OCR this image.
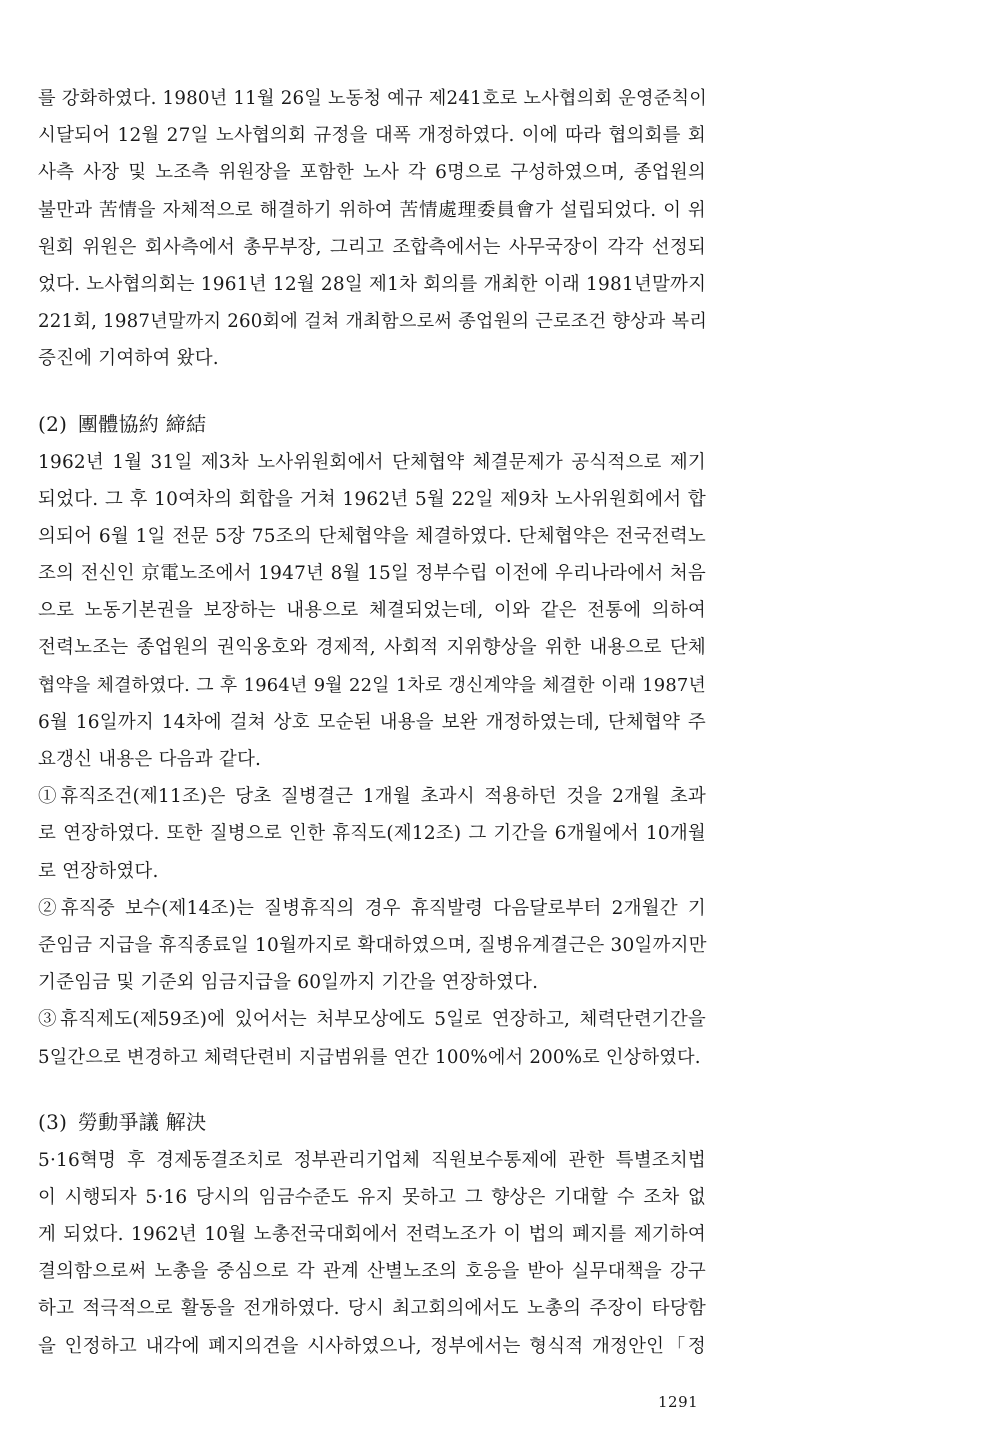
를 강화하였다. 1980년 11월 26일 노동청 예규 제241호로 노사협의회 운영준칙이
시달되어 12월 27일 노사협의회 규정을 대폭 개정하였다. 이에 따라 협의회를 회
사측 사장 및 노조측 위원장을 포함한 노사 각 6명으로 구성하였으며, 종업원의
불만과 苦情을 자체적으로 해결하기 위하여 苦情處理委員會가 설립되었다. 이 위
원회 위원은 회사측에서 총무부장, 그리고 조합측에서는 사무국장이 각각 선정되
었다. 노사협의회는 1961년 12월 28일 제1차 회의를 개최한 이래 1981년말까지
221회, 1987년말까지 260회에 걸쳐 개최함으로써 종업원의 근로조건 향상과 복리
증진에 기여하여 왔다.
(2) 團體協約 締結
1962년 1월 31일 제3차 노사위원회에서 단체협약 체결문제가 공식적으로 제기
되었다. 그 후 10여차의 회합을 거쳐 1962년 5월 22일 제9차 노사위원회에서 합
의되어 6월 1일 전문 5장 75조의 단체협약을 체결하였다. 단체협약은 전국전력노
조의 전신인 京電노조에서 1947년 8월 15일 정부수립 이전에 우리나라에서 처음
으로 노동기본권을 보장하는 내용으로 체결되었는데, 이와 같은 전통에 의하여
전력노조는 종업원의 권익옹호와 경제적, 사회적 지위향상을 위한 내용으로 단체
협약을 체결하였다. 그 후 1964년 9월 22일 1차로 갱신계약을 체결한 이래 1987년
6월 16일까지 14차에 걸쳐 상호 모순된 내용을 보완 개정하였는데, 단체협약 주
요갱신 내용은 다음과 같다.
①휴직조건(제11조)은 당초 질병결근 1개월 초과시 적용하던 것을 2개월 초과
로 연장하였다. 또한 질병으로 인한 휴직도(제12조) 그 기간을 6개월에서 10개월
로 연장하였다.
②휴직중 보수(제14조)는 질병휴직의 경우 휴직발령 다음달로부터 2개월간 기
준임금 지급을 휴직종료일 10월까지로 확대하였으며, 질병유계결근은 30일까지만
기준임금 및 기준외 임금지급을 60일까지 기간을 연장하였다.
③휴직제도(제59조)에 있어서는 처부모상에도 5일로 연장하고, 체력단련기간을
5일간으로 변경하고 체력단련비 지급범위를 연간 100%에서 200%로 인상하였다.
(3) 勞動爭議 解決
5·16혁명 후 경제동결조치로 정부관리기업체 직원보수통제에 관한 특별조치법
이 시행되자 5·16 당시의 임금수준도 유지 못하고 그 향상은 기대할 수 조차 없
게 되었다. 1962년 10월 노총전국대회에서 전력노조가 이 법의 폐지를 제기하여
결의함으로써 노총을 중심으로 각 관계 산별노조의 호응을 받아 실무대책을 강구
하고 적극적으로 활동을 전개하였다. 당시 최고회의에서도 노총의 주장이 타당함
을 인정하고 내각에 폐지의견을 시사하였으나, 정부에서는 형식적 개정안인「정
1291
